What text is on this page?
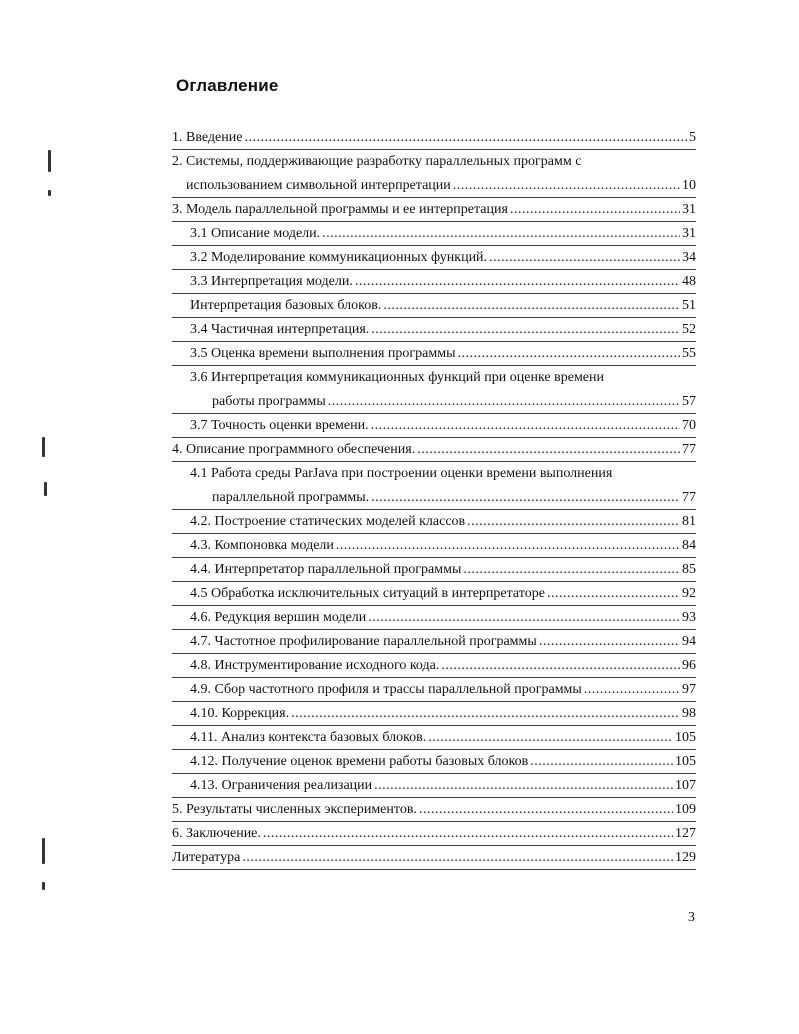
Оглавление
1. Введение .....	5
2. Системы, поддерживающие разработку параллельных программ с
использованием символьной интерпретации .....	10
3. Модель параллельной программы и ее интерпретация .....	31
3.1 Описание модели. .....	31
3.2 Моделирование коммуникационных функций. .....	34
3.3 Интерпретация модели. .....	48
Интерпретация базовых блоков. .....	51
3.4 Частичная интерпретация. .....	52
3.5 Оценка времени выполнения программы .....	55
3.6 Интерпретация коммуникационных функций при оценке времени
работы программы .....	57
3.7 Точность оценки времени. .....	70
4. Описание программного обеспечения. .....	77
4.1 Работа среды ParJava при построении оценки времени выполнения
параллельной программы. .....	77
4.2. Построение статических моделей классов .....	81
4.3. Компоновка модели .....	84
4.4. Интерпретатор параллельной программы .....	85
4.5 Обработка исключительных ситуаций в интерпретаторе .....	92
4.6. Редукция вершин модели .....	93
4.7. Частотное профилирование параллельной программы .....	94
4.8. Инструментирование исходного кода. .....	96
4.9. Сбор частотного профиля и трассы параллельной программы .....	97
4.10. Коррекция. .....	98
4.11. Анализ контекста базовых блоков. .....	105
4.12. Получение оценок времени работы базовых блоков .....	105
4.13. Ограничения реализации .....	107
5. Результаты численных экспериментов. .....	109
6. Заключение. .....	127
Литература .....	129
3
